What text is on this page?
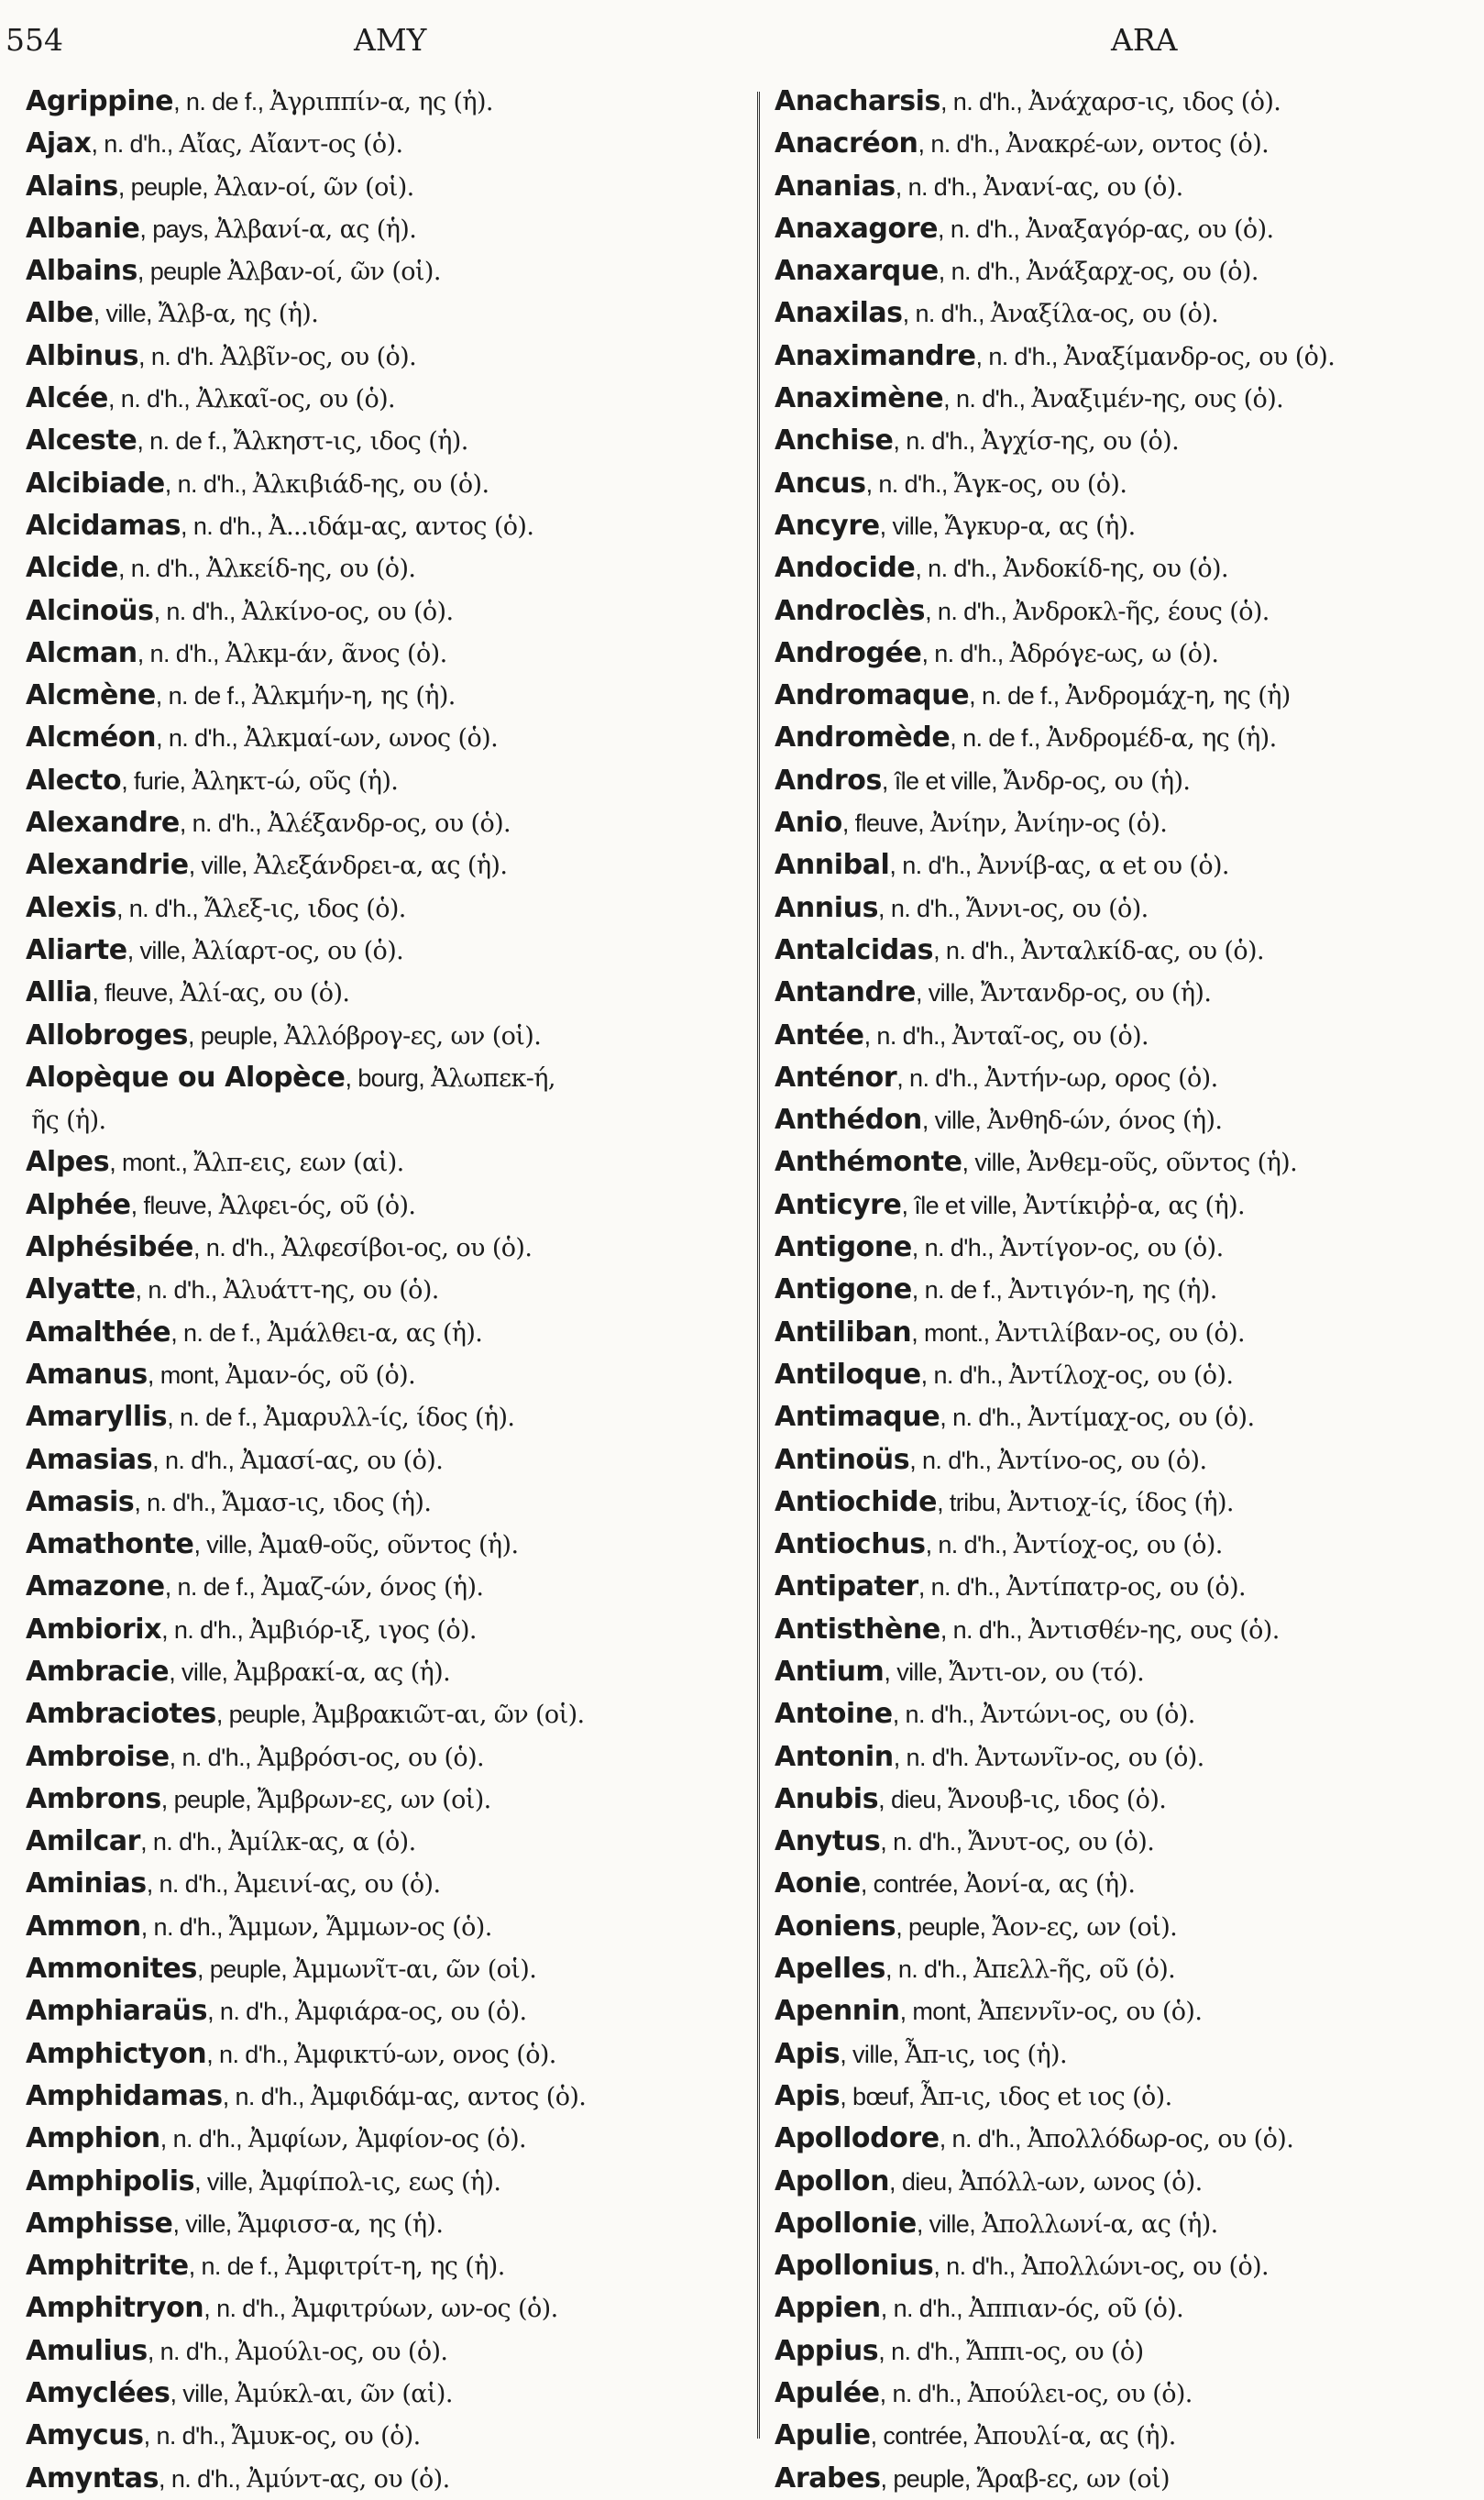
554	AMY	ARA
Agrippine, n. de f., Ἀγριππίν-α, ης (ἡ).
Ajax, n. d'h., Αἴας, Αἴαντ-ος (ὁ).
Alains, peuple, Ἀλαν-οί, ῶν (οἱ).
Albanie, pays, Ἀλβανί-α, ας (ἡ).
Albains, peuple Ἀλβαν-οί, ῶν (οἱ).
Albe, ville, Ἄλβ-α, ης (ἡ).
Albinus, n. d'h. Ἀλβῖν-ος, ου (ὁ).
Alcée, n. d'h., Ἀλκαῖ-ος, ου (ὁ).
Alceste, n. de f., Ἄλκηστ-ις, ιδος (ἡ).
Alcibiade, n. d'h., Ἀλκιβιάδ-ης, ου (ὁ).
Alcidamas, n. d'h., Ἀ...ιδάμ-ας, αντος (ὁ).
Alcide, n. d'h., Ἀλκείδ-ης, ου (ὁ).
Alcinoüs, n. d'h., Ἀλκίνο-ος, ου (ὁ).
Alcman, n. d'h., Ἀλκμ-άν, ᾶνος (ὁ).
Alcmène, n. de f., Ἀλκμήν-η, ης (ἡ).
Alcméon, n. d'h., Ἀλκμαί-ων, ωνος (ὁ).
Alecto, furie, Ἀληκτ-ώ, οῦς (ἡ).
Alexandre, n. d'h., Ἀλέξανδρ-ος, ου (ὁ).
Alexandrie, ville, Ἀλεξάνδρει-α, ας (ἡ).
Alexis, n. d'h., Ἄλεξ-ις, ιδος (ὁ).
Aliarte, ville, Ἀλίαρτ-ος, ου (ὁ).
Allia, fleuve, Ἀλί-ας, ου (ὁ).
Allobroges, peuple, Ἀλλόβρογ-ες, ων (οἱ).
Alopèque ou Alopèce, bourg, Ἀλωπεκ-ή,
ῆς (ἡ).
Alpes, mont., Ἄλπ-εις, εων (αἱ).
Alphée, fleuve, Ἀλφει-ός, οῦ (ὁ).
Alphésibée, n. d'h., Ἀλφεσίβοι-ος, ου (ὁ).
Alyatte, n. d'h., Ἀλυάττ-ης, ου (ὁ).
Amalthée, n. de f., Ἀμάλθει-α, ας (ἡ).
Amanus, mont, Ἀμαν-ός, οῦ (ὁ).
Amaryllis, n. de f., Ἀμαρυλλ-ίς, ίδος (ἡ).
Amasias, n. d'h., Ἀμασί-ας, ου (ὁ).
Amasis, n. d'h., Ἄμασ-ις, ιδος (ἡ).
Amathonte, ville, Ἀμαθ-οῦς, οῦντος (ἡ).
Amazone, n. de f., Ἀμαζ-ών, όνος (ἡ).
Ambiorix, n. d'h., Ἀμβιόρ-ιξ, ιγος (ὁ).
Ambracie, ville, Ἀμβρακί-α, ας (ἡ).
Ambraciotes, peuple, Ἀμβρακιῶτ-αι, ῶν (οἱ).
Ambroise, n. d'h., Ἀμβρόσι-ος, ου (ὁ).
Ambrons, peuple, Ἄμβρων-ες, ων (οἱ).
Amilcar, n. d'h., Ἀμίλκ-ας, α (ὁ).
Aminias, n. d'h., Ἀμεινί-ας, ου (ὁ).
Ammon, n. d'h., Ἄμμων, Ἄμμων-ος (ὁ).
Ammonites, peuple, Ἀμμωνῖτ-αι, ῶν (οἱ).
Amphiaraüs, n. d'h., Ἀμφιάρα-ος, ου (ὁ).
Amphictyon, n. d'h., Ἀμφικτύ-ων, ονος (ὁ).
Amphidamas, n. d'h., Ἀμφιδάμ-ας, αντος (ὁ).
Amphion, n. d'h., Ἀμφίων, Ἀμφίον-ος (ὁ).
Amphipolis, ville, Ἀμφίπολ-ις, εως (ἡ).
Amphisse, ville, Ἄμφισσ-α, ης (ἡ).
Amphitrite, n. de f., Ἀμφιτρίτ-η, ης (ἡ).
Amphitryon, n. d'h., Ἀμφιτρύων, ων-ος (ὁ).
Amulius, n. d'h., Ἀμούλι-ος, ου (ὁ).
Amyclées, ville, Ἀμύκλ-αι, ῶν (αἱ).
Amycus, n. d'h., Ἄμυκ-ος, ου (ὁ).
Amyntas, n. d'h., Ἀμύντ-ας, ου (ὁ).
Anacharsis, n. d'h., Ἀνάχαρσ-ις, ιδος (ὁ).
Anacréon, n. d'h., Ἀνακρέ-ων, οντος (ὁ).
Ananias, n. d'h., Ἀνανί-ας, ου (ὁ).
Anaxagore, n. d'h., Ἀναξαγόρ-ας, ου (ὁ).
Anaxarque, n. d'h., Ἀνάξαρχ-ος, ου (ὁ).
Anaxilas, n. d'h., Ἀναξίλα-ος, ου (ὁ).
Anaximandre, n. d'h., Ἀναξίμανδρ-ος, ου (ὁ).
Anaximène, n. d'h., Ἀναξιμέν-ης, ους (ὁ).
Anchise, n. d'h., Ἀγχίσ-ης, ου (ὁ).
Ancus, n. d'h., Ἄγκ-ος, ου (ὁ).
Ancyre, ville, Ἄγκυρ-α, ας (ἡ).
Andocide, n. d'h., Ἀνδοκίδ-ης, ου (ὁ).
Androclès, n. d'h., Ἀνδροκλ-ῆς, έους (ὁ).
Androgée, n. d'h., Ἀδρόγε-ως, ω (ὁ).
Andromaque, n. de f., Ἀνδρομάχ-η, ης (ἡ)
Andromède, n. de f., Ἀνδρομέδ-α, ης (ἡ).
Andros, île et ville, Ἄνδρ-ος, ου (ἡ).
Anio, fleuve, Ἀνίην, Ἀνίην-ος (ὁ).
Annibal, n. d'h., Ἀννίβ-ας, α et ου (ὁ).
Annius, n. d'h., Ἄννι-ος, ου (ὁ).
Antalcidas, n. d'h., Ἀνταλκίδ-ας, ου (ὁ).
Antandre, ville, Ἄντανδρ-ος, ου (ἡ).
Antée, n. d'h., Ἀνταῖ-ος, ου (ὁ).
Anténor, n. d'h., Ἀντήν-ωρ, ορος (ὁ).
Anthédon, ville, Ἀνθηδ-ών, όνος (ἡ).
Anthémonte, ville, Ἀνθεμ-οῦς, οῦντος (ἡ).
Anticyre, île et ville, Ἀντίκιῤῥ-α, ας (ἡ).
Antigone, n. d'h., Ἀντίγον-ος, ου (ὁ).
Antigone, n. de f., Ἀντιγόν-η, ης (ἡ).
Antiliban, mont., Ἀντιλίβαν-ος, ου (ὁ).
Antiloque, n. d'h., Ἀντίλοχ-ος, ου (ὁ).
Antimaque, n. d'h., Ἀντίμαχ-ος, ου (ὁ).
Antinoüs, n. d'h., Ἀντίνο-ος, ου (ὁ).
Antiochide, tribu, Ἀντιοχ-ίς, ίδος (ἡ).
Antiochus, n. d'h., Ἀντίοχ-ος, ου (ὁ).
Antipater, n. d'h., Ἀντίπατρ-ος, ου (ὁ).
Antisthène, n. d'h., Ἀντισθέν-ης, ους (ὁ).
Antium, ville, Ἄντι-ον, ου (τό).
Antoine, n. d'h., Ἀντώνι-ος, ου (ὁ).
Antonin, n. d'h. Ἀντωνῖν-ος, ου (ὁ).
Anubis, dieu, Ἄνουβ-ις, ιδος (ὁ).
Anytus, n. d'h., Ἄνυτ-ος, ου (ὁ).
Aonie, contrée, Ἀονί-α, ας (ἡ).
Aoniens, peuple, Ἄον-ες, ων (οἱ).
Apelles, n. d'h., Ἀπελλ-ῆς, οῦ (ὁ).
Apennin, mont, Ἀπεννῖν-ος, ου (ὁ).
Apis, ville, Ἆπ-ις, ιος (ἡ).
Apis, bœuf, Ἆπ-ις, ιδος et ιος (ὁ).
Apollodore, n. d'h., Ἀπολλόδωρ-ος, ου (ὁ).
Apollon, dieu, Ἀπόλλ-ων, ωνος (ὁ).
Apollonie, ville, Ἀπολλωνί-α, ας (ἡ).
Apollonius, n. d'h., Ἀπολλώνι-ος, ου (ὁ).
Appien, n. d'h., Ἀππιαν-ός, οῦ (ὁ).
Appius, n. d'h., Ἄππι-ος, ου (ὁ)
Apulée, n. d'h., Ἀπούλει-ος, ου (ὁ).
Apulie, contrée, Ἀπουλί-α, ας (ἡ).
Arabes, peuple, Ἄραβ-ες, ων (οἱ)
